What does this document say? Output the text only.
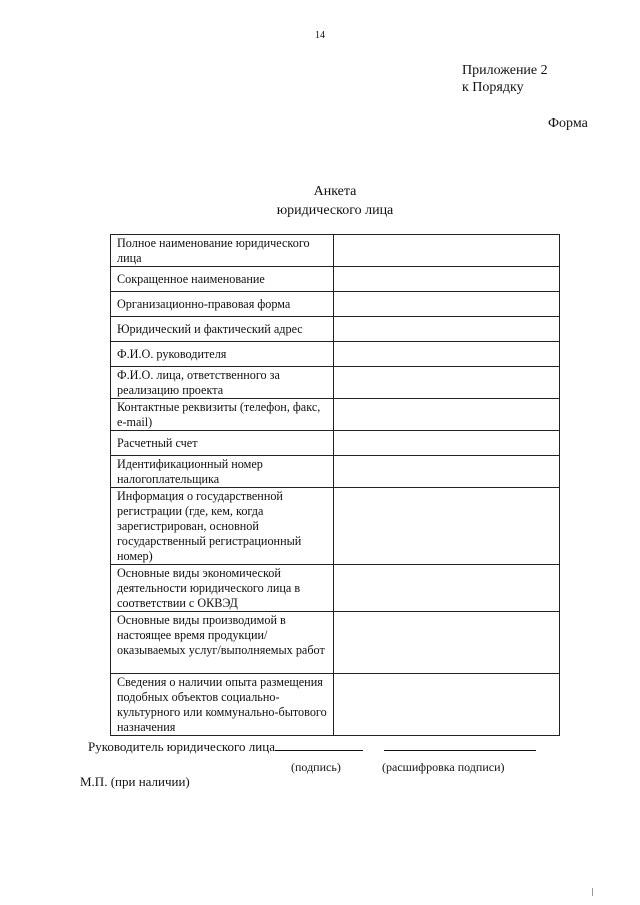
14
Приложение 2
к Порядку
Форма
Анкета
юридического лица
Полное наименование юридического лица	
Сокращенное наименование	
Организационно-правовая форма	
Юридический и фактический адрес	
Ф.И.О. руководителя	
Ф.И.О. лица, ответственного за реализацию проекта	
Контактные реквизиты (телефон, факс, e-mail)	
Расчетный счет	
Идентификационный номер налогоплательщика	
Информация о государственной регистрации (где, кем, когда зарегистрирован, основной государственный регистрационный номер)	
Основные виды экономической деятельности юридического лица в соответствии с ОКВЭД	
Основные виды производимой в настоящее время продукции/оказываемых услуг/выполняемых работ	
Сведения о наличии опыта размещения подобных объектов социально-культурного или коммунально-бытового назначения	
Руководитель юридического лица
(подпись)	(расшифровка подписи)
М.П. (при наличии)
